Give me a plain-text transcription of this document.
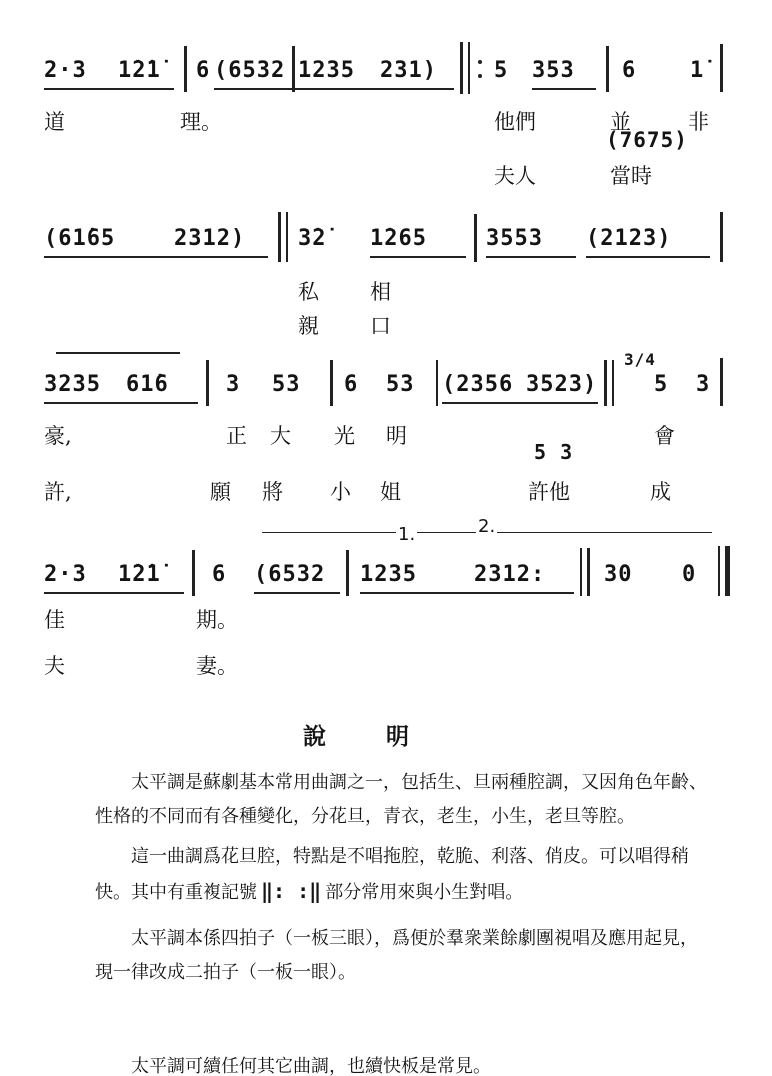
2·3 1̇2̇1̇ 6 (6532 1235 231)	5 353 6 1̇
道	理。	他們	並	非
(7675)
夫人	當時
(61̇65	2312) 3̇2̇ 1̇265	3553 (2123)
私 相
親 口
3235 61̇6	3 53 6 53 (2356 3523)
3/4
5 3
豪,	正 大 光 明	會
5 3
許,	願 將 小 姐	許他	成
1.	2.
2·3 1̇2̇1̇ 6 (6532 1235	2312:	30 0
佳	期。
夫	妻。
說明

太平調是蘇劇基本常用曲調之一，包括生、旦兩種腔調，又因角色年齡、性格的不同而有各種變化，分花旦，青衣，老生，小生，老旦等腔。

這一曲調爲花旦腔，特點是不唱拖腔，乾脆、利落、俏皮。可以唱得稍快。其中有重複記號 ‖: :‖ 部分常用來與小生對唱。

太平調本係四拍子（一板三眼），爲便於羣衆業餘劇團視唱及應用起見，現一律改成二拍子（一板一眼）。

太平調可續任何其它曲調，也續快板是常見。
